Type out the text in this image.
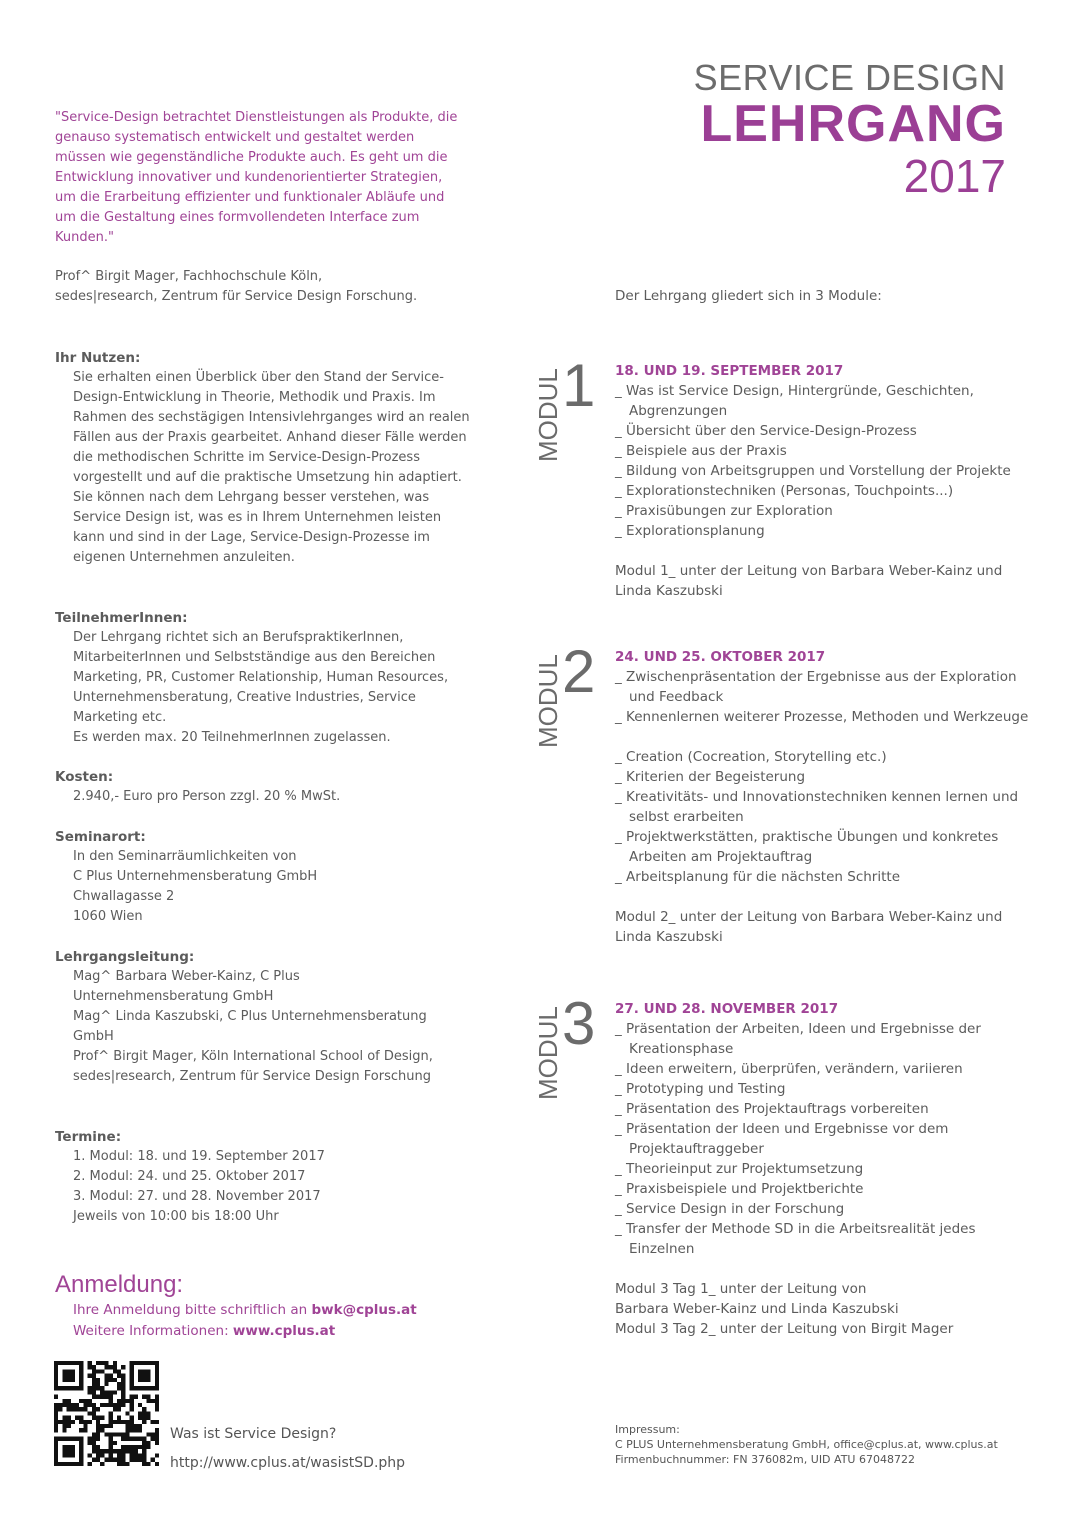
SERVICE DESIGN
LEHRGANG
2017
"Service-Design betrachtet Dienstleistungen als Produkte, die genauso systematisch entwickelt und gestaltet werden müssen wie gegenständliche Produkte auch. Es geht um die Entwicklung innovativer und kundenorientierter Strategien, um die Erarbeitung effizienter und funktionaler Abläufe und um die Gestaltung eines formvollendeten Interface zum Kunden."
Prof^ Birgit Mager, Fachhochschule Köln,
sedes|research, Zentrum für Service Design Forschung.
Ihr Nutzen:
Sie erhalten einen Überblick über den Stand der Service-Design-Entwicklung in Theorie, Methodik und Praxis. Im Rahmen des sechstägigen Intensivlehrganges wird an realen Fällen aus der Praxis gearbeitet. Anhand dieser Fälle werden die methodischen Schritte im Service-Design-Prozess vorgestellt und auf die praktische Umsetzung hin adaptiert. Sie können nach dem Lehrgang besser verstehen, was Service Design ist, was es in Ihrem Unternehmen leisten kann und sind in der Lage, Service-Design-Prozesse im eigenen Unternehmen anzuleiten.
TeilnehmerInnen:
Der Lehrgang richtet sich an BerufspraktikerInnen, MitarbeiterInnen und Selbstständige aus den Bereichen Marketing, PR, Customer Relationship, Human Resources, Unternehmensberatung, Creative Industries, Service Marketing etc.
Es werden max. 20 TeilnehmerInnen zugelassen.
Kosten:
2.940,- Euro pro Person zzgl. 20 % MwSt.
Seminarort:
In den Seminarräumlichkeiten von
C Plus Unternehmensberatung GmbH
Chwallagasse 2
1060 Wien
Lehrgangsleitung:
Mag^ Barbara Weber-Kainz, C Plus Unternehmensberatung GmbH
Mag^ Linda Kaszubski, C Plus Unternehmensberatung GmbH
Prof^ Birgit Mager, Köln International School of Design, sedes|research, Zentrum für Service Design Forschung
Termine:
1. Modul: 18. und 19. September 2017
2. Modul: 24. und 25. Oktober 2017
3. Modul: 27. und 28. November 2017
Jeweils von 10:00 bis 18:00 Uhr
Anmeldung:
Ihre Anmeldung bitte schriftlich an bwk@cplus.at
Weitere Informationen: www.cplus.at
Was ist Service Design?
http://www.cplus.at/wasistSD.php
Der Lehrgang gliedert sich in 3 Module:
MODUL 1 18. UND 19. SEPTEMBER 2017
_ Was ist Service Design, Hintergründe, Geschichten, Abgrenzungen
_ Übersicht über den Service-Design-Prozess
_ Beispiele aus der Praxis
_ Bildung von Arbeitsgruppen und Vorstellung der Projekte
_ Explorationstechniken (Personas, Touchpoints...)
_ Praxisübungen zur Exploration
_ Explorationsplanung
Modul 1_ unter der Leitung von Barbara Weber-Kainz und Linda Kaszubski
MODUL 2 24. UND 25. OKTOBER 2017
_ Zwischenpräsentation der Ergebnisse aus der Exploration und Feedback
_ Kennenlernen weiterer Prozesse, Methoden und Werkzeuge
_ Creation (Cocreation, Storytelling etc.)
_ Kriterien der Begeisterung
_ Kreativitäts- und Innovationstechniken kennen lernen und selbst erarbeiten
_ Projektwerkstätten, praktische Übungen und konkretes Arbeiten am Projektauftrag
_ Arbeitsplanung für die nächsten Schritte
Modul 2_ unter der Leitung von Barbara Weber-Kainz und Linda Kaszubski
MODUL 3 27. UND 28. NOVEMBER 2017
_ Präsentation der Arbeiten, Ideen und Ergebnisse der Kreationsphase
_ Ideen erweitern, überprüfen, verändern, variieren
_ Prototyping und Testing
_ Präsentation des Projektauftrags vorbereiten
_ Präsentation der Ideen und Ergebnisse vor dem Projektauftraggeber
_ Theorieinput zur Projektumsetzung
_ Praxisbeispiele und Projektberichte
_ Service Design in der Forschung
_ Transfer der Methode SD in die Arbeitsrealität jedes Einzelnen
Modul 3 Tag 1_ unter der Leitung von
Barbara Weber-Kainz und Linda Kaszubski
Modul 3 Tag 2_ unter der Leitung von Birgit Mager
Impressum:
C PLUS Unternehmensberatung GmbH, office@cplus.at, www.cplus.at
Firmenbuchnummer: FN 376082m, UID ATU 67048722
